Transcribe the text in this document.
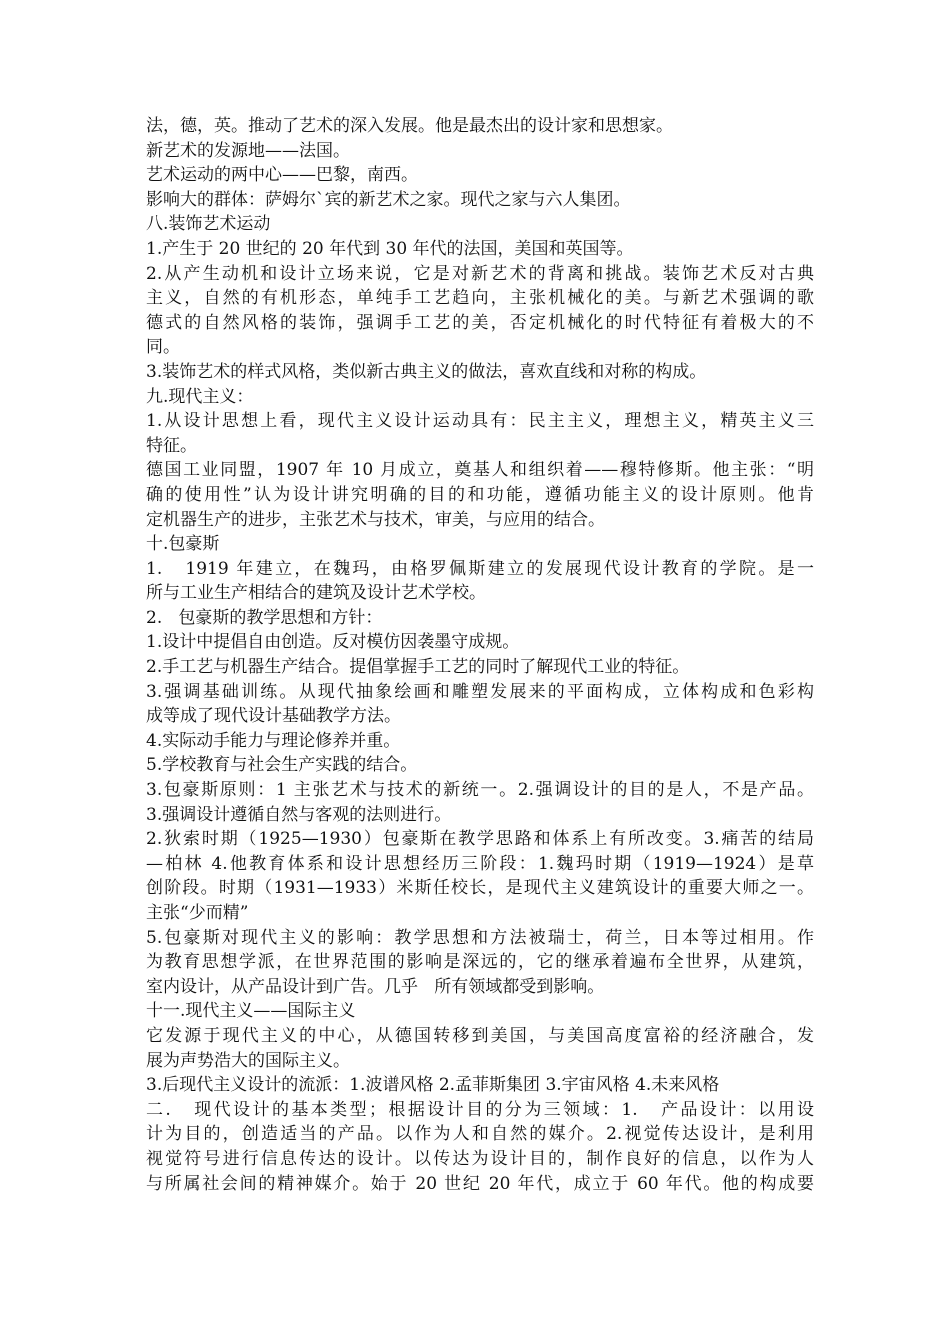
法，德，英。推动了艺术的深入发展。他是最杰出的设计家和思想家。
新艺术的发源地——法国。
艺术运动的两中心——巴黎，南西。
影响大的群体：萨姆尔`宾的新艺术之家。现代之家与六人集团。
八.装饰艺术运动
1.产生于 20 世纪的 20 年代到 30 年代的法国，美国和英国等。
2.从产生动机和设计立场来说，它是对新艺术的背离和挑战。装饰艺术反对古典
主义，自然的有机形态，单纯手工艺趋向，主张机械化的美。与新艺术强调的歌
德式的自然风格的装饰，强调手工艺的美，否定机械化的时代特征有着极大的不
同。
3.装饰艺术的样式风格，类似新古典主义的做法，喜欢直线和对称的构成。
九.现代主义：
1.从设计思想上看，现代主义设计运动具有：民主主义，理想主义，精英主义三
特征。
德国工业同盟，1907 年 10 月成立，奠基人和组织着——穆特修斯。他主张：“明
确的使用性”认为设计讲究明确的目的和功能，遵循功能主义的设计原则。他肯
定机器生产的进步，主张艺术与技术，审美，与应用的结合。
十.包豪斯
1.   1919 年建立，在魏玛，由格罗佩斯建立的发展现代设计教育的学院。是一
所与工业生产相结合的建筑及设计艺术学校。
2.   包豪斯的教学思想和方针：
1.设计中提倡自由创造。反对模仿因袭墨守成规。
2.手工艺与机器生产结合。提倡掌握手工艺的同时了解现代工业的特征。
3.强调基础训练。从现代抽象绘画和雕塑发展来的平面构成，立体构成和色彩构
成等成了现代设计基础教学方法。
4.实际动手能力与理论修养并重。
5.学校教育与社会生产实践的结合。
3.包豪斯原则：1 主张艺术与技术的新统一。2.强调设计的目的是人，不是产品。
3.强调设计遵循自然与客观的法则进行。
2.狄索时期（1925—1930）包豪斯在教学思路和体系上有所改变。3.痛苦的结局
—柏林 4.他教育体系和设计思想经历三阶段：1.魏玛时期（1919—1924）是草
创阶段。时期（1931—1933）米斯任校长，是现代主义建筑设计的重要大师之一。
主张“少而精”
5.包豪斯对现代主义的影响：教学思想和方法被瑞士，荷兰，日本等过相用。作
为教育思想学派，在世界范围的影响是深远的，它的继承着遍布全世界，从建筑，
室内设计，从产品设计到广告。几乎   所有领域都受到影响。
十一.现代主义——国际主义
它发源于现代主义的中心，从德国转移到美国，与美国高度富裕的经济融合，发
展为声势浩大的国际主义。
3.后现代主义设计的流派：1.波谱风格 2.孟菲斯集团 3.宇宙风格 4.未来风格
二.   现代设计的基本类型；根据设计目的分为三领域：1.   产品设计：以用设
计为目的，创造适当的产品。以作为人和自然的媒介。2.视觉传达设计，是利用
视觉符号进行信息传达的设计。以传达为设计目的，制作良好的信息，以作为人
与所属社会间的精神媒介。始于 20 世纪 20 年代，成立于 60 年代。他的构成要
